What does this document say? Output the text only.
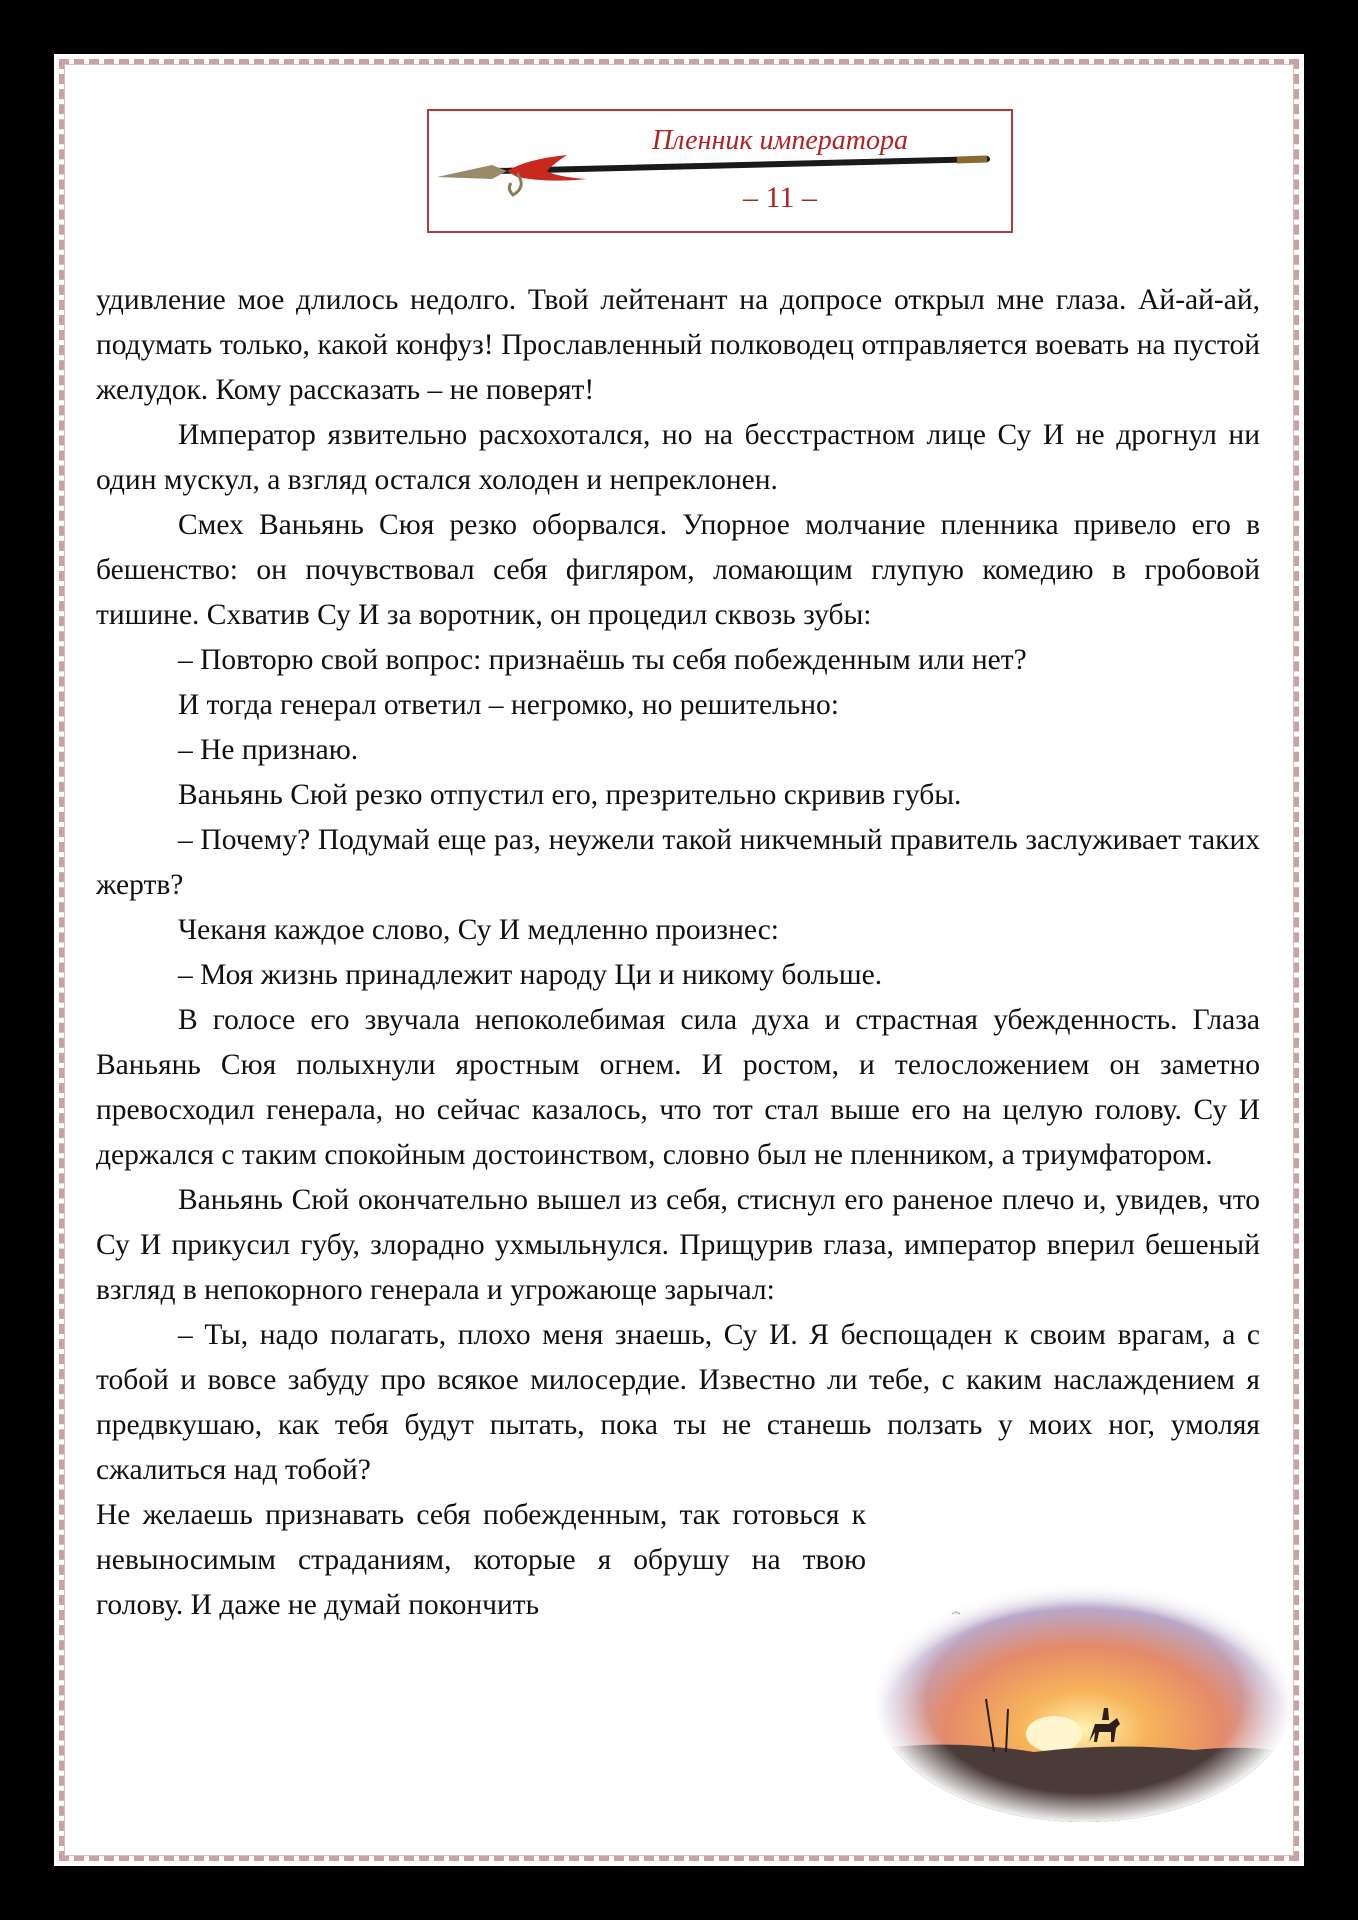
Пленник императора
– 11 –

удивление мое длилось недолго. Твой лейтенант на допросе открыл мне глаза. Ай-ай-ай, подумать только, какой конфуз! Прославленный полководец отправляется воевать на пустой желудок. Кому рассказать – не поверят!

Император язвительно расхохотался, но на бесстрастном лице Су И не дрогнул ни один мускул, а взгляд остался холоден и непреклонен.

Смех Ваньянь Сюя резко оборвался. Упорное молчание пленника привело его в бешенство: он почувствовал себя фигляром, ломающим глупую комедию в гробовой тишине. Схватив Су И за воротник, он процедил сквозь зубы:

– Повторю свой вопрос: признаёшь ты себя побежденным или нет?

И тогда генерал ответил – негромко, но решительно:

– Не признаю.

Ваньянь Сюй резко отпустил его, презрительно скривив губы.

– Почему? Подумай еще раз, неужели такой никчемный правитель заслуживает таких жертв?

Чеканя каждое слово, Су И медленно произнес:

– Моя жизнь принадлежит народу Ци и никому больше.

В голосе его звучала непоколебимая сила духа и страстная убежденность. Глаза Ваньянь Сюя полыхнули яростным огнем. И ростом, и телосложением он заметно превосходил генерала, но сейчас казалось, что тот стал выше его на целую голову. Су И держался с таким спокойным достоинством, словно был не пленником, а триумфатором.

Ваньянь Сюй окончательно вышел из себя, стиснул его раненое плечо и, увидев, что Су И прикусил губу, злорадно ухмыльнулся. Прищурив глаза, император вперил бешеный взгляд в непокорного генерала и угрожающе зарычал:

– Ты, надо полагать, плохо меня знаешь, Су И. Я беспощаден к своим врагам, а с тобой и вовсе забуду про всякое милосердие. Известно ли тебе, с каким наслаждением я предвкушаю, как тебя будут пытать, пока ты не станешь ползать у моих ног, умоляя сжалиться над тобой?

Не желаешь признавать себя побежденным, так готовься к невыносимым страданиям, которые я обрушу на твою голову. И даже не думай покончить
